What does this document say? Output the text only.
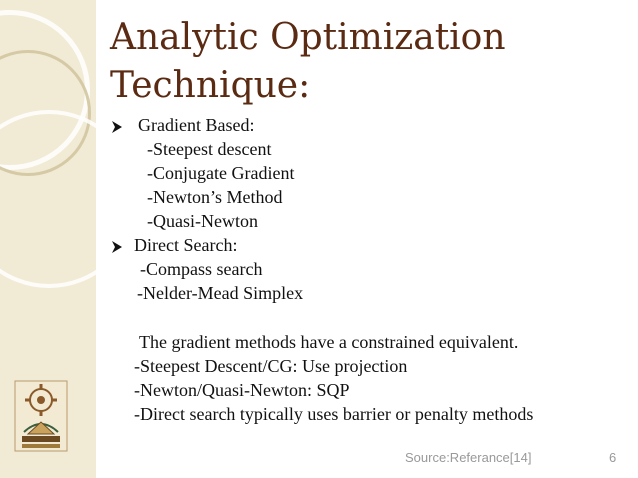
Analytic Optimization
Technique:
Gradient Based:
-Steepest descent
-Conjugate Gradient
-Newton’s Method
-Quasi-Newton
Direct Search:
-Compass search
-Nelder-Mead Simplex
The gradient methods have a constrained equivalent.
-Steepest Descent/CG: Use projection
-Newton/Quasi-Newton: SQP
-Direct search typically uses barrier or penalty methods
Source:Referance[14]	6
